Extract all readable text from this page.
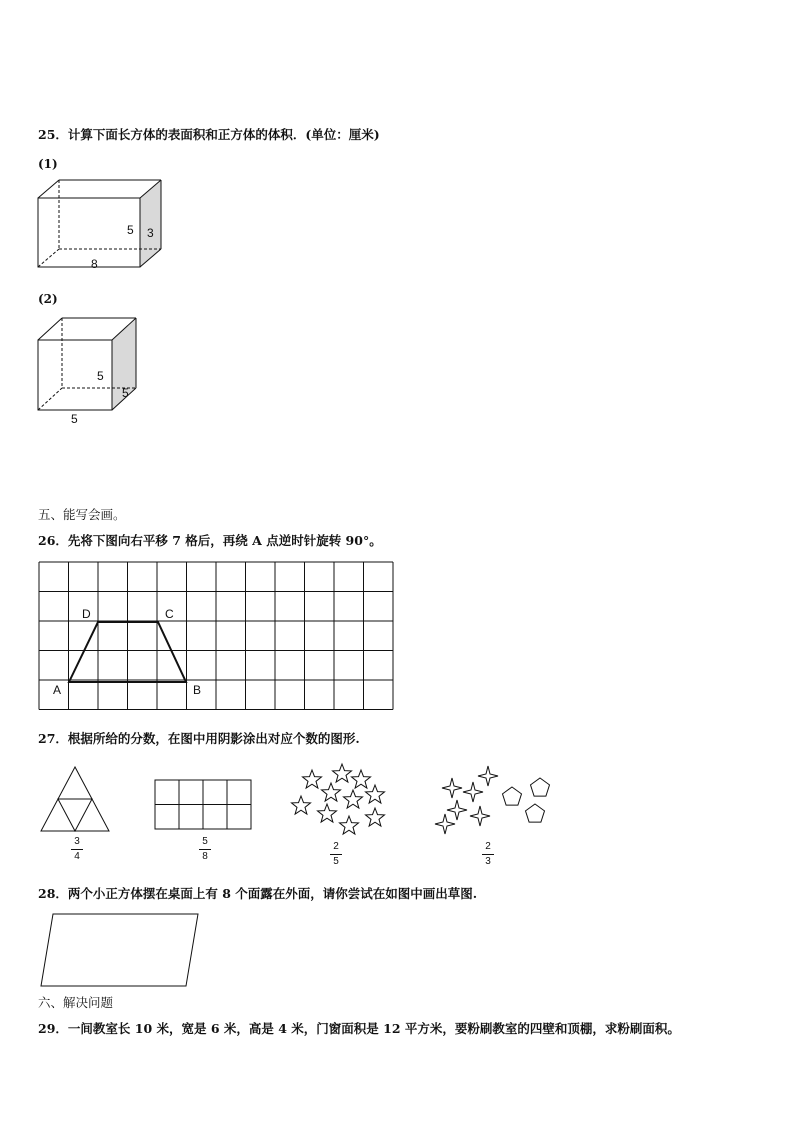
25．计算下面长方体的表面积和正方体的体积．(单位：厘米)
(1)
5 3
8
(2)
5
5
5
五、能写会画。
26．先将下图向右平移 7 格后，再绕 A 点逆时针旋转 90°。
A	B
C
D
27．根据所给的分数，在图中用阴影涂出对应个数的图形.
3
4
5
8
2
5
2
3
28．两个小正方体摆在桌面上有 8 个面露在外面，请你尝试在如图中画出草图.
六、解决问题
29．一间教室长 10 米，宽是 6 米，高是 4 米，门窗面积是 12 平方米，要粉刷教室的四壁和顶棚，求粉刷面积。
